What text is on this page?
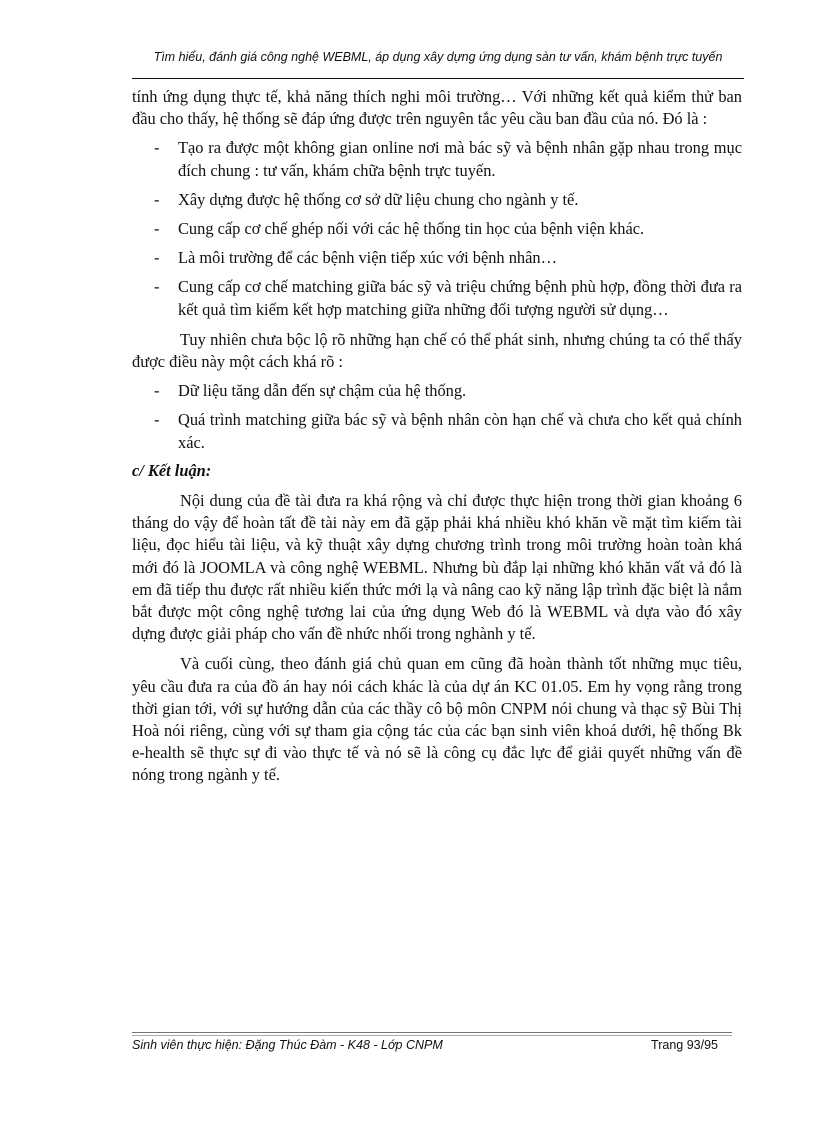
Tìm hiểu, đánh giá công nghệ WEBML, áp dụng xây dựng ứng dụng sàn tư vấn, khám bệnh trực tuyến

tính ứng dụng thực tế, khả năng thích nghi môi trường… Với những kết quả kiểm thử ban đầu cho thấy, hệ thống sẽ đáp ứng được trên nguyên tắc yêu cầu ban đầu của nó. Đó là :

- Tạo ra được một không gian online nơi mà bác sỹ và bệnh nhân gặp nhau trong mục đích chung : tư vấn, khám chữa bệnh trực tuyến.
- Xây dựng được hệ thống cơ sở dữ liệu chung cho ngành y tế.
- Cung cấp cơ chế ghép nối với các hệ thống tin học của bệnh viện khác.
- Là môi trường để các bệnh viện tiếp xúc với bệnh nhân…
- Cung cấp cơ chế matching giữa bác sỹ và triệu chứng bệnh phù hợp, đồng thời đưa ra kết quả tìm kiếm kết hợp matching giữa những đối tượng người sử dụng…

Tuy nhiên chưa bộc lộ rõ những hạn chế có thể phát sinh, nhưng chúng ta có thể thấy được điều này một cách khá rõ :

- Dữ liệu tăng dẫn đến sự chậm của hệ thống.
- Quá trình matching giữa bác sỹ và bệnh nhân còn hạn chế và chưa cho kết quả chính xác.

c/ Kết luận:

Nội dung của đề tài đưa ra khá rộng và chỉ được thực hiện trong thời gian khoảng 6 tháng do vậy để hoàn tất đề tài này em đã gặp phải khá nhiều khó khăn về mặt tìm kiếm tài liệu, đọc hiểu tài liệu, và kỹ thuật xây dựng chương trình trong môi trường hoàn toàn khá mới đó là JOOMLA và công nghệ WEBML. Nhưng bù đắp lại những khó khăn vất vả đó là em đã tiếp thu được rất nhiều kiến thức mới lạ và nâng cao kỹ năng lập trình đặc biệt là nắm bắt được một công nghệ tương lai của ứng dụng Web đó là WEBML và dựa vào đó xây dựng được giải pháp cho vấn đề nhức nhối trong nghành y tế.

Và cuối cùng, theo đánh giá chủ quan em cũng đã hoàn thành tốt những mục tiêu, yêu cầu đưa ra của đồ án hay nói cách khác là của dự án KC 01.05. Em hy vọng rằng trong thời gian tới, với sự hướng dẫn của các thầy cô bộ môn CNPM nói chung và thạc sỹ Bùi Thị Hoà nói riêng, cùng với sự tham gia cộng tác của các bạn sinh viên khoá dưới, hệ thống Bk e-health sẽ thực sự đi vào thực tế và nó sẽ là công cụ đắc lực để giải quyết những vấn đề nóng trong ngành y tế.

Sinh viên thực hiện: Đặng Thúc Đàm - K48 - Lớp CNPM	Trang 93/95
